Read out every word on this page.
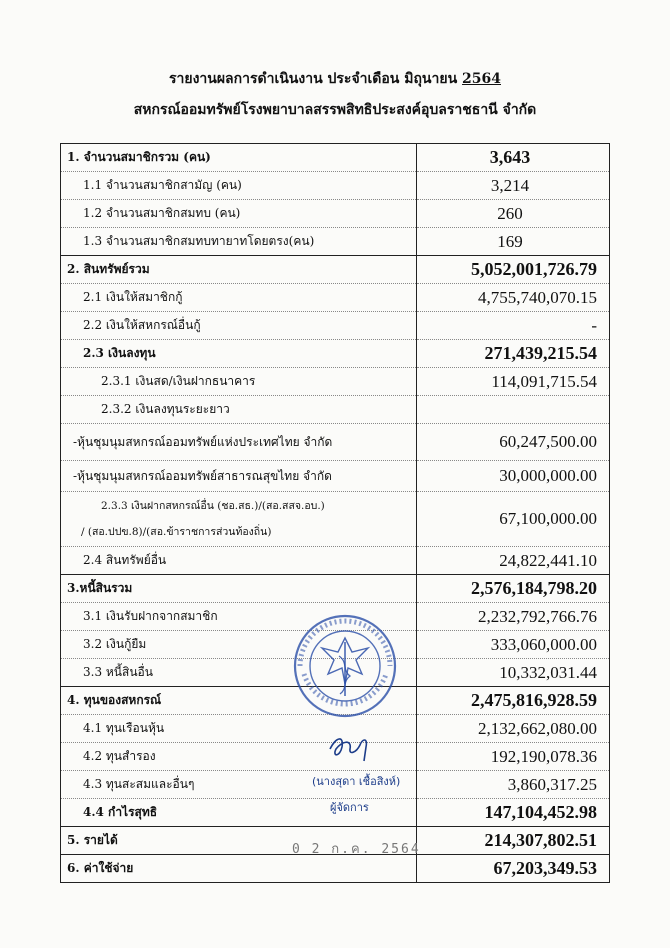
รายงานผลการดำเนินงาน ประจำเดือน มิถุนายน 2564
สหกรณ์ออมทรัพย์โรงพยาบาลสรรพสิทธิประสงค์อุบลราชธานี จำกัด
1. จำนวนสมาชิกรวม (คน)	3,643
1.1 จำนวนสมาชิกสามัญ (คน)	3,214
1.2 จำนวนสมาชิกสมทบ (คน)	260
1.3 จำนวนสมาชิกสมทบทายาทโดยตรง(คน)	169
2. สินทรัพย์รวม	5,052,001,726.79
2.1 เงินให้สมาชิกกู้	4,755,740,070.15
2.2 เงินให้สหกรณ์อื่นกู้	-
2.3 เงินลงทุน	271,439,215.54
2.3.1 เงินสด/เงินฝากธนาคาร	114,091,715.54
2.3.2 เงินลงทุนระยะยาว	
-หุ้นชุมนุมสหกรณ์ออมทรัพย์แห่งประเทศไทย จำกัด	60,247,500.00
-หุ้นชุมนุมสหกรณ์ออมทรัพย์สาธารณสุขไทย จำกัด	30,000,000.00

2.3.3 เงินฝากสหกรณ์อื่น (ชอ.สธ.)/(สอ.สสจ.อบ.)
/ (สอ.ปปข.8)/(สอ.ข้าราชการส่วนท้องถิ่น)	67,100,000.00
2.4 สินทรัพย์อื่น	24,822,441.10
3.หนี้สินรวม	2,576,184,798.20
3.1 เงินรับฝากจากสมาชิก	2,232,792,766.76
3.2 เงินกู้ยืม	333,060,000.00
3.3 หนี้สินอื่น	10,332,031.44
4. ทุนของสหกรณ์	2,475,816,928.59
4.1 ทุนเรือนหุ้น	2,132,662,080.00
4.2 ทุนสำรอง	192,190,078.36
4.3 ทุนสะสมและอื่นๆ	3,860,317.25
4.4 กำไรสุทธิ	147,104,452.98
5. รายได้	214,307,802.51
6. ค่าใช้จ่าย	67,203,349.53
(นางสุดา เชื้อสิงห์)
ผู้จัดการ
0 2 ก.ค. 2564
